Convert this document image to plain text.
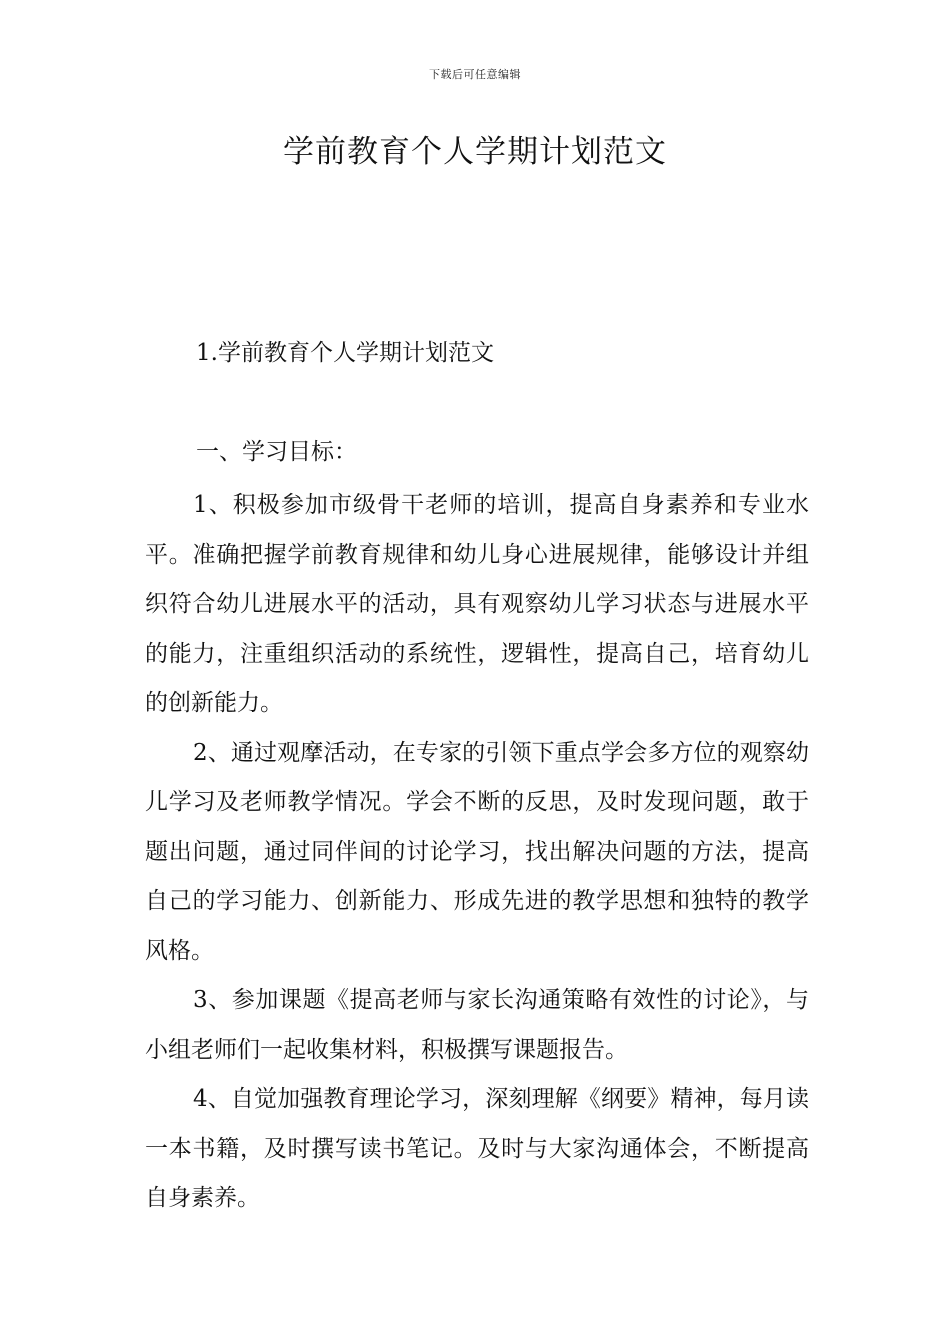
下载后可任意编辑
学前教育个人学期计划范文

1.学前教育个人学期计划范文

一、学习目标：

1、积极参加市级骨干老师的培训，提高自身素养和专业水平。准确把握学前教育规律和幼儿身心进展规律，能够设计并组织符合幼儿进展水平的活动，具有观察幼儿学习状态与进展水平的能力，注重组织活动的系统性，逻辑性，提高自己，培育幼儿的创新能力。

2、通过观摩活动，在专家的引领下重点学会多方位的观察幼儿学习及老师教学情况。学会不断的反思，及时发现问题，敢于题出问题，通过同伴间的讨论学习，找出解决问题的方法，提高自己的学习能力、创新能力、形成先进的教学思想和独特的教学风格。

3、参加课题《提高老师与家长沟通策略有效性的讨论》，与小组老师们一起收集材料，积极撰写课题报告。

4、自觉加强教育理论学习，深刻理解《纲要》精神，每月读一本书籍，及时撰写读书笔记。及时与大家沟通体会，不断提高自身素养。
